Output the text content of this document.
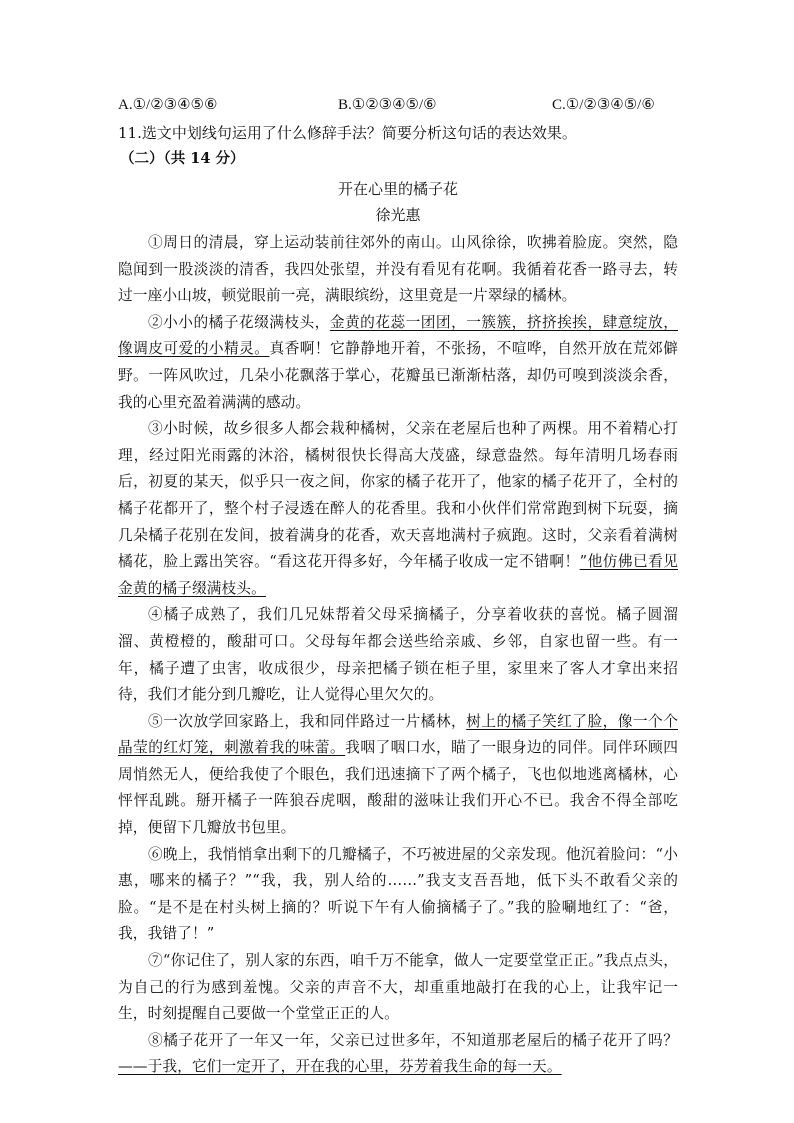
A.①/②③④⑤⑥	B.①②③④⑤/⑥	C.①/②③④⑤/⑥
11.选文中划线句运用了什么修辞手法？简要分析这句话的表达效果。
（二）（共 14 分）
开在心里的橘子花
徐光惠

①周日的清晨，穿上运动装前往郊外的南山。山风徐徐，吹拂着脸庞。突然，隐隐闻到一股淡淡的清香，我四处张望，并没有看见有花啊。我循着花香一路寻去，转过一座小山坡，顿觉眼前一亮，满眼缤纷，这里竟是一片翠绿的橘林。

②小小的橘子花缀满枝头，金黄的花蕊一团团，一簇簇，挤挤挨挨，肆意绽放，像调皮可爱的小精灵。真香啊！它静静地开着，不张扬，不喧哗，自然开放在荒郊僻野。一阵风吹过，几朵小花飘落于掌心，花瓣虽已渐渐枯落，却仍可嗅到淡淡余香，我的心里充盈着满满的感动。

③小时候，故乡很多人都会栽种橘树，父亲在老屋后也种了两棵。用不着精心打理，经过阳光雨露的沐浴，橘树很快长得高大茂盛，绿意盎然。每年清明几场春雨后，初夏的某天，似乎只一夜之间，你家的橘子花开了，他家的橘子花开了，全村的橘子花都开了，整个村子浸透在醉人的花香里。我和小伙伴们常常跑到树下玩耍，摘几朵橘子花别在发间，披着满身的花香，欢天喜地满村子疯跑。这时，父亲看着满树橘花，脸上露出笑容。“看这花开得多好，今年橘子收成一定不错啊！”他仿佛已看见金黄的橘子缀满枝头。

④橘子成熟了，我们几兄妹帮着父母采摘橘子，分享着收获的喜悦。橘子圆溜溜、黄橙橙的，酸甜可口。父母每年都会送些给亲戚、乡邻，自家也留一些。有一年，橘子遭了虫害，收成很少，母亲把橘子锁在柜子里，家里来了客人才拿出来招待，我们才能分到几瓣吃，让人觉得心里欠欠的。

⑤一次放学回家路上，我和同伴路过一片橘林，树上的橘子笑红了脸，像一个个晶莹的红灯笼，刺激着我的味蕾。我咽了咽口水，瞄了一眼身边的同伴。同伴环顾四周悄然无人，便给我使了个眼色，我们迅速摘下了两个橘子，飞也似地逃离橘林，心怦怦乱跳。掰开橘子一阵狼吞虎咽，酸甜的滋味让我们开心不已。我舍不得全部吃掉，便留下几瓣放书包里。

⑥晚上，我悄悄拿出剩下的几瓣橘子，不巧被进屋的父亲发现。他沉着脸问：“小惠，哪来的橘子？”“我，我，别人给的……”我支支吾吾地，低下头不敢看父亲的脸。“是不是在村头树上摘的？听说下午有人偷摘橘子了。”我的脸唰地红了：“爸，我，我错了！”

⑦“你记住了，别人家的东西，咱千万不能拿，做人一定要堂堂正正。”我点点头，为自己的行为感到羞愧。父亲的声音不大，却重重地敲打在我的心上，让我牢记一生，时刻提醒自己要做一个堂堂正正的人。

⑧橘子花开了一年又一年，父亲已过世多年，不知道那老屋后的橘子花开了吗？——于我，它们一定开了，开在我的心里，芬芳着我生命的每一天。
